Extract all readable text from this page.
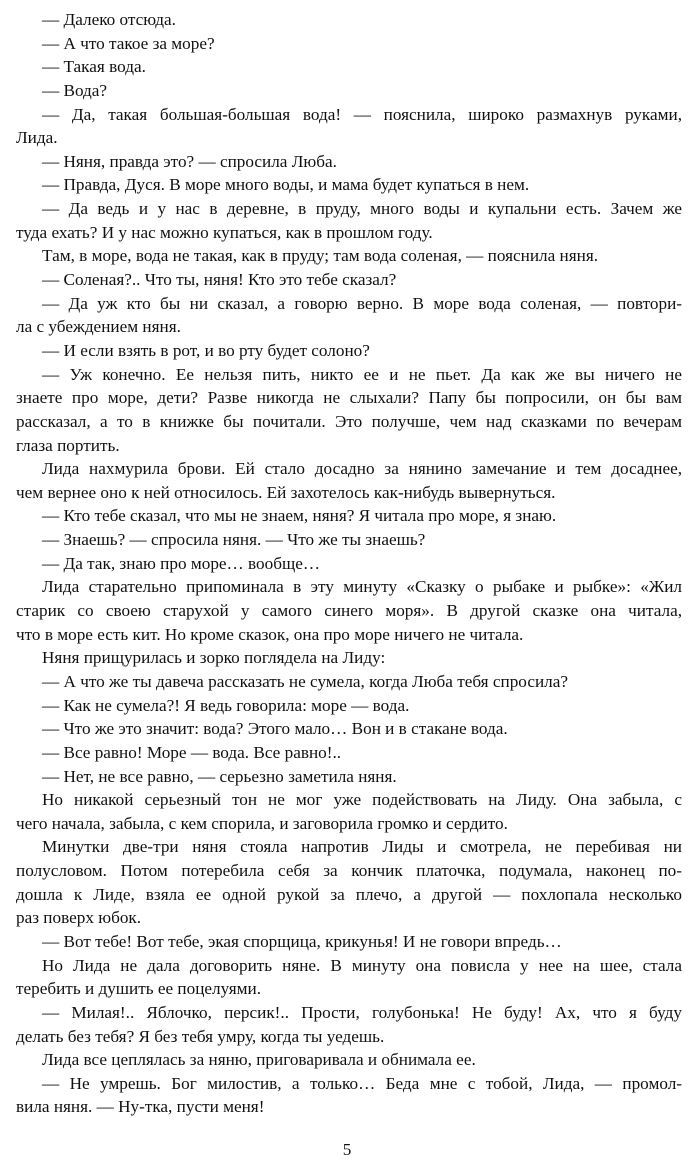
— Далеко отсюда.
— А что такое за море?
— Такая вода.
— Вода?
— Да, такая большая-большая вода! — пояснила, широко размахнув руками,
Лида.
— Няня, правда это? — спросила Люба.
— Правда, Дуся. В море много воды, и мама будет купаться в нем.
— Да ведь и у нас в деревне, в пруду, много воды и купальни есть. Зачем же
туда ехать? И у нас можно купаться, как в прошлом году.
Там, в море, вода не такая, как в пруду; там вода соленая, — пояснила няня.
— Соленая?.. Что ты, няня! Кто это тебе сказал?
— Да уж кто бы ни сказал, а говорю верно. В море вода соленая, — повтори-
ла с убеждением няня.
— И если взять в рот, и во рту будет солоно?
— Уж конечно. Ее нельзя пить, никто ее и не пьет. Да как же вы ничего не
знаете про море, дети? Разве никогда не слыхали? Папу бы попросили, он бы вам
рассказал, а то в книжке бы почитали. Это получше, чем над сказками по вечерам
глаза портить.
Лида нахмурила брови. Ей стало досадно за нянино замечание и тем досаднее,
чем вернее оно к ней относилось. Ей захотелось как-нибудь вывернуться.
— Кто тебе сказал, что мы не знаем, няня? Я читала про море, я знаю.
— Знаешь? — спросила няня. — Что же ты знаешь?
— Да так, знаю про море… вообще…
Лида старательно припоминала в эту минуту «Сказку о рыбаке и рыбке»: «Жил
старик со своею старухой у самого синего моря». В другой сказке она читала,
что в море есть кит. Но кроме сказок, она про море ничего не читала.
Няня прищурилась и зорко поглядела на Лиду:
— А что же ты давеча рассказать не сумела, когда Люба тебя спросила?
— Как не сумела?! Я ведь говорила: море — вода.
— Что же это значит: вода? Этого мало… Вон и в стакане вода.
— Все равно! Море — вода. Все равно!..
— Нет, не все равно, — серьезно заметила няня.
Но никакой серьезный тон не мог уже подействовать на Лиду. Она забыла, с
чего начала, забыла, с кем спорила, и заговорила громко и сердито.
Минутки две-три няня стояла напротив Лиды и смотрела, не перебивая ни
полусловом. Потом потеребила себя за кончик платочка, подумала, наконец по-
дошла к Лиде, взяла ее одной рукой за плечо, а другой — похлопала несколько
раз поверх юбок.
— Вот тебе! Вот тебе, экая спорщица, крикунья! И не говори впредь…
Но Лида не дала договорить няне. В минуту она повисла у нее на шее, стала
теребить и душить ее поцелуями.
— Милая!.. Яблочко, персик!.. Прости, голубонька! Не буду! Ах, что я буду
делать без тебя? Я без тебя умру, когда ты уедешь.
Лида все цеплялась за няню, приговаривала и обнимала ее.
— Не умрешь. Бог милостив, а только… Беда мне с тобой, Лида, — промол-
вила няня. — Ну-тка, пусти меня!
5
